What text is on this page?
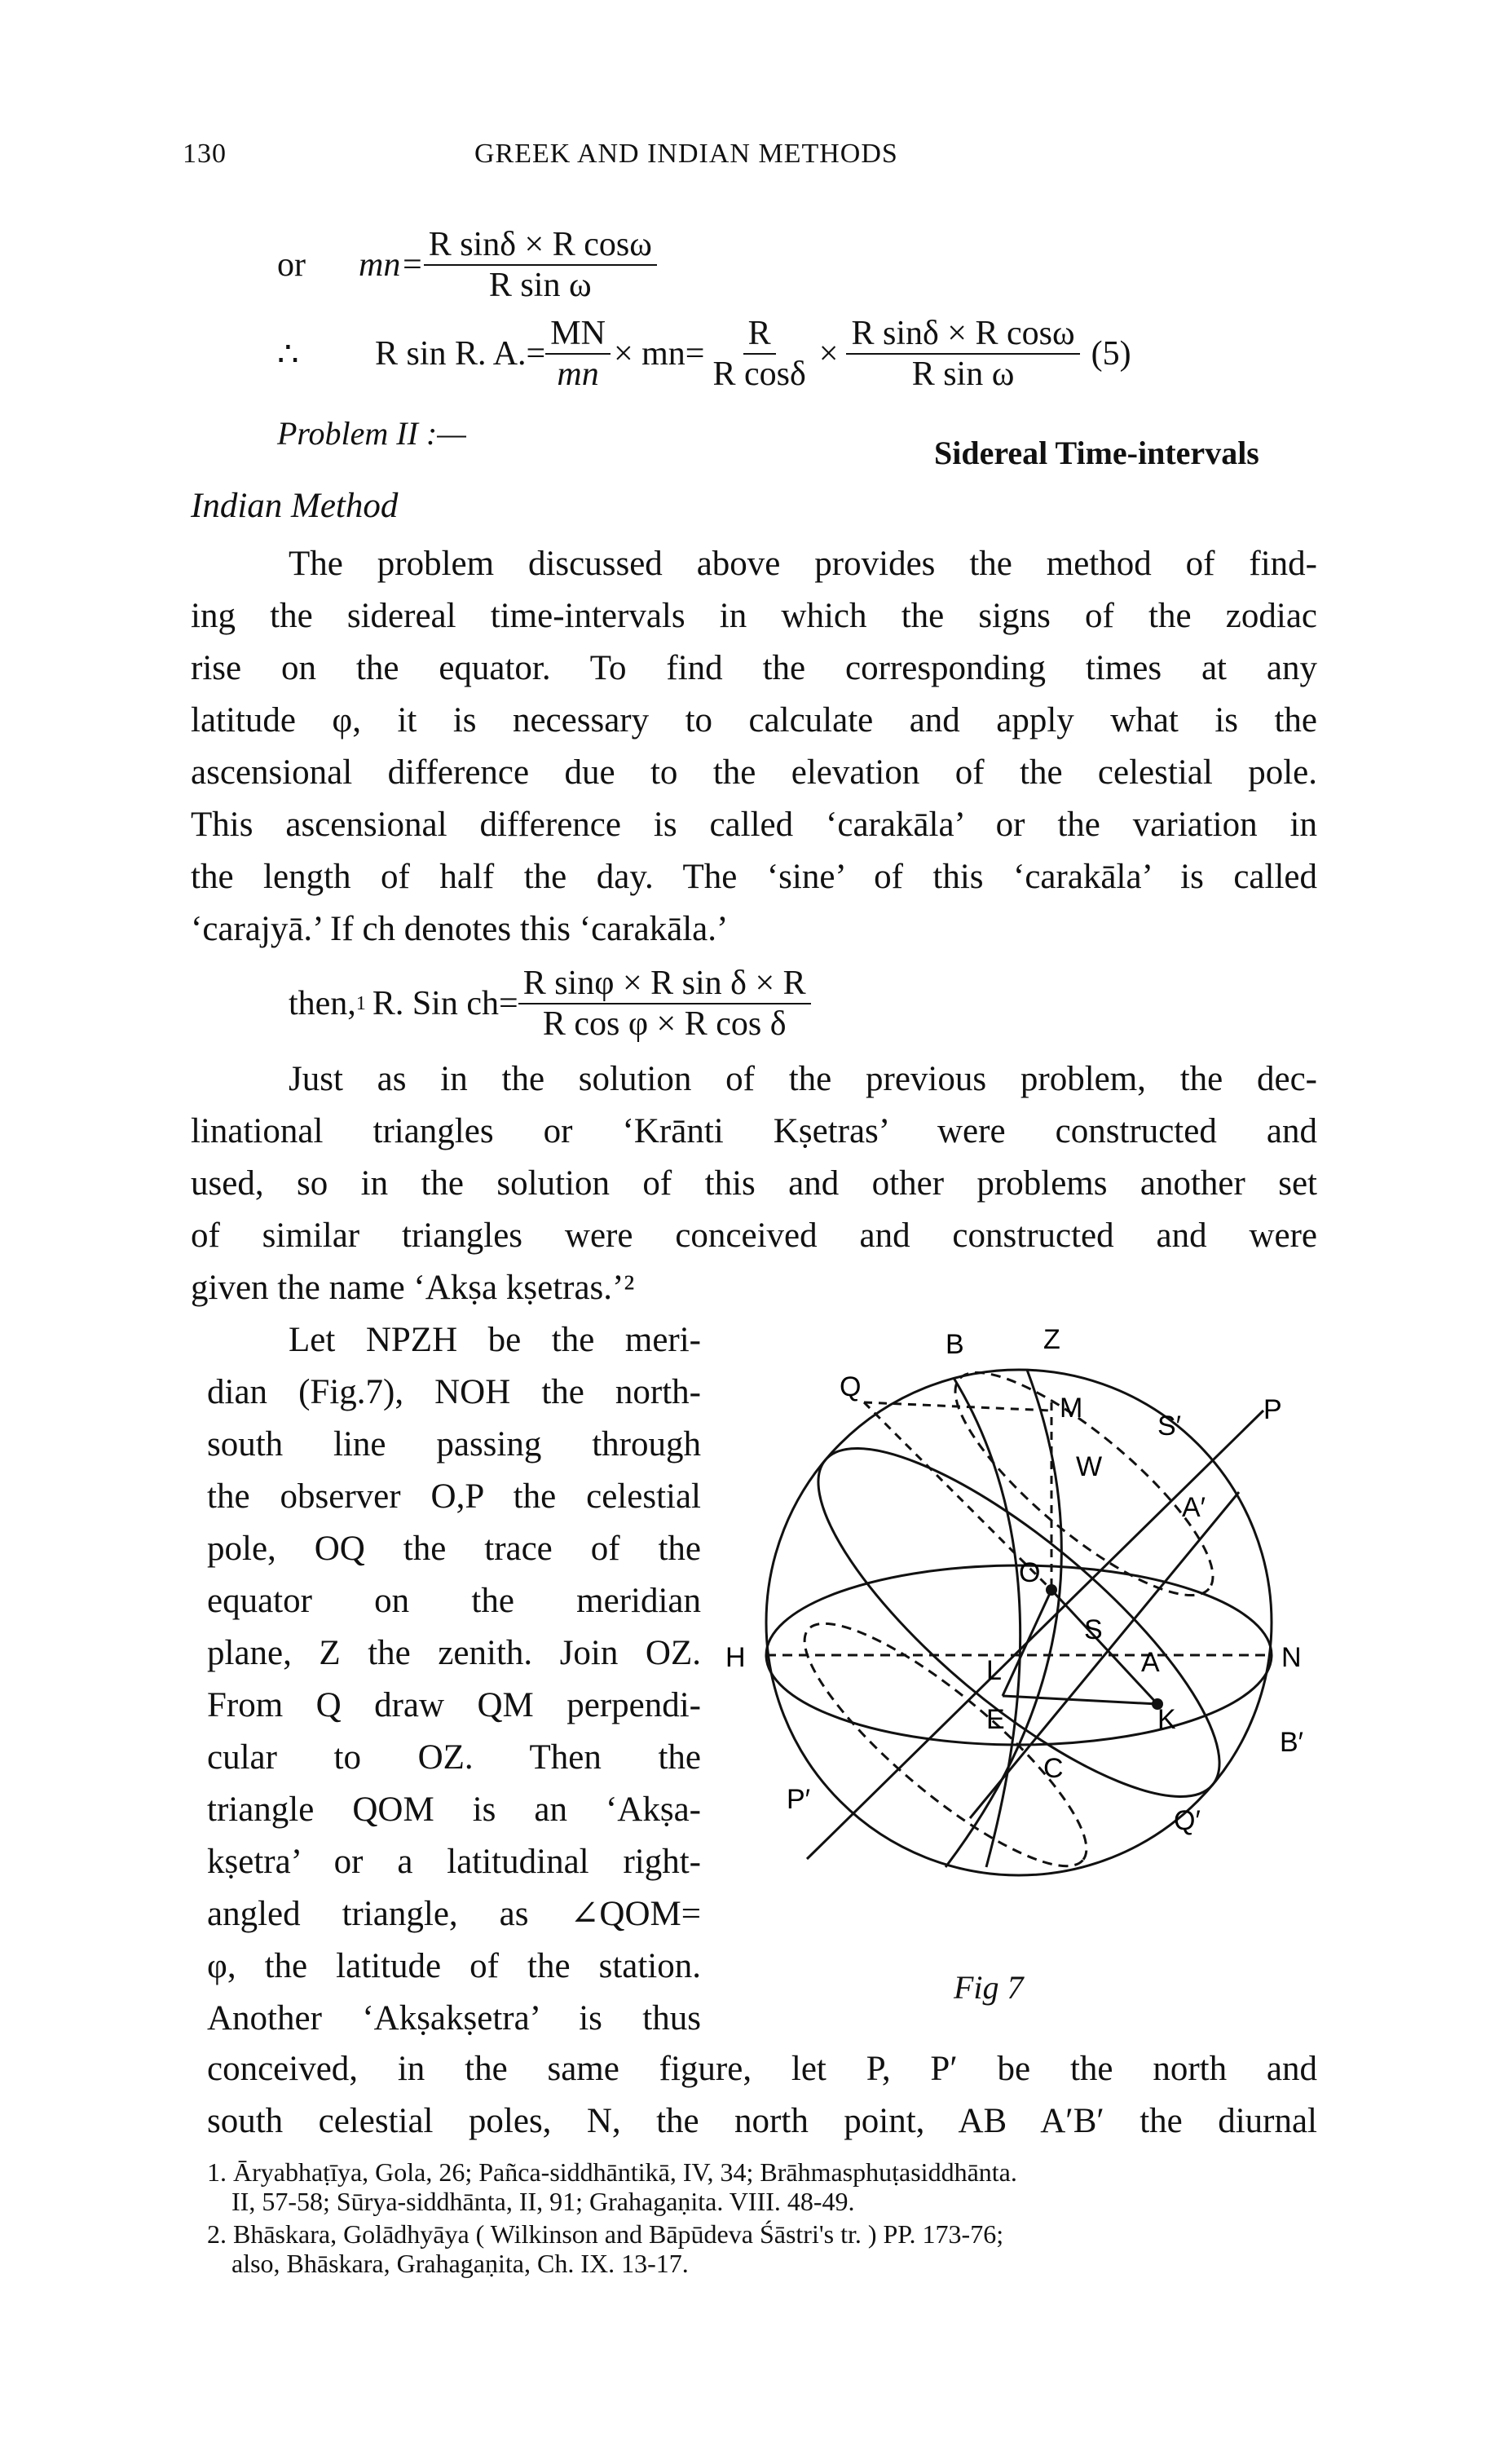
130	GREEK AND INDIAN METHODS
or	$mn= \frac{\text{R sinδ × R cosω}}{\text{R sin ω}}$
∴	R sin R. $A.= \frac{MN}{mn} \times mn= \frac{R}{\text{R cosδ}} \times \frac{\text{R sinδ × R cosω}}{\text{R sin ω}} (5)$
Problem II :—
Sidereal Time-intervals
Indian Method
The problem discussed above provides the method of find-
ing the sidereal time-intervals in which the signs of the zodiac
rise on the equator. To find the corresponding times at any
latitude φ, it is necessary to calculate and apply what is the
ascensional difference due to the elevation of the celestial pole.
This ascensional difference is called ‘carakāla’ or the variation in
the length of half the day. The ‘sine’ of this ‘carakāla’ is called
‘carajyā.’ If ch denotes this ‘carakāla.’
then, 1 R. Sin $ch= \frac{\text{R sinφ × R sin δ × R}}{\text{R cos φ × R cos δ}}$
Just as in the solution of the previous problem, the dec-
linational triangles or ‘Krānti Kṣetras’ were constructed and
used, so in the solution of this and other problems another set
of similar triangles were conceived and constructed and were
given the name ‘Akṣa kṣetras.’²
Let NPZH be the meri-
dian (Fig.7), NOH the north-
south line passing through
the observer O,P the celestial
pole, OQ the trace of the
equator on the meridian
plane, Z the zenith. Join OZ.
From Q draw QM perpendi-
cular to OZ. Then the
triangle QOM is an ‘Akṣa-
kṣetra’ or a latitudinal right-
angled triangle, as ∠QOM=
φ, the latitude of the station.
Another ‘Akṣakṣetra’ is thus
B	Z
Q
M
S′
P
W
A′
H
O
N
S
L	A
E	K
B′
C
P′
Q′
Fig 7
conceived, in the same figure, let P, P′ be the north and
south celestial poles, N, the north point, AB A′B′ the diurnal
1. Āryabhaṭīya, Gola, 26; Pañca-siddhāntikā, IV, 34; Brāhmasphuṭasiddhānta.
II, 57-58; Sūrya-siddhānta, II, 91; Grahagaṇita. VIII. 48-49.
2. Bhāskara, Golādhyāya ( Wilkinson and Bāpūdeva Śāstri's tr. ) PP. 173-76;
also, Bhāskara, Grahagaṇita, Ch. IX. 13-17.
